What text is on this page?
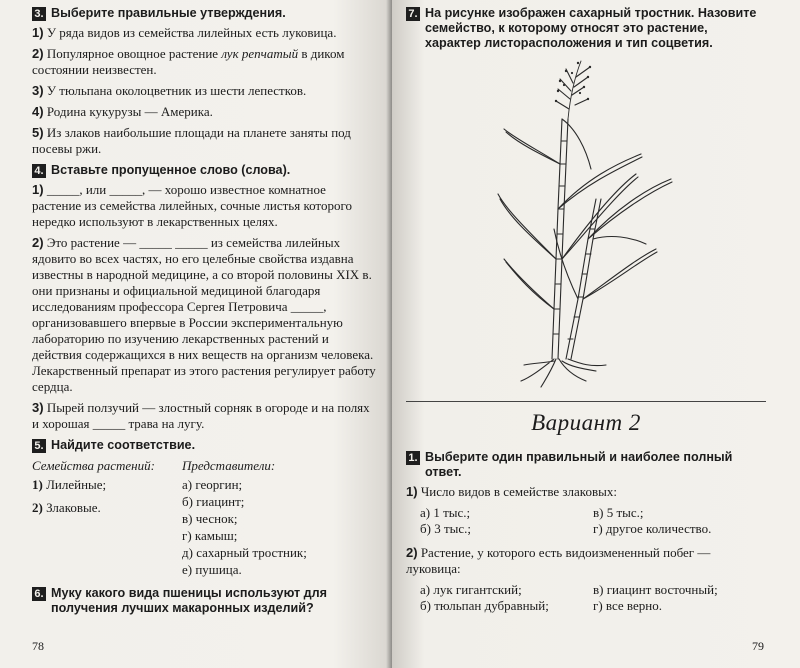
3. Выберите правильные утверждения.
1) У ряда видов из семейства лилейных есть луковица.
2) Популярное овощное растение лук репчатый в диком состоянии неизвестен.
3) У тюльпана околоцветник из шести лепестков.
4) Родина кукурузы — Америка.
5) Из злаков наибольшие площади на планете заняты под посевы ржи.
4. Вставьте пропущенное слово (слова).
1) _____, или _____, — хорошо известное комнатное растение из семейства лилейных, сочные листья которого нередко используют в лекарственных целях.
2) Это растение — _____ _____ из семейства лилейных ядовито во всех частях, но его целебные свойства издавна известны в народной медицине, а со второй половины XIX в. они признаны и официальной медициной благодаря исследованиям профессора Сергея Петровича _____, организовавшего впервые в России экспериментальную лабораторию по изучению лекарственных растений и действия содержащихся в них веществ на организм человека. Лекарственный препарат из этого растения регулирует работу сердца.
3) Пырей ползучий — злостный сорняк в огороде и на полях и хорошая _____ трава на лугу.
5. Найдите соответствие.
Семейства растений:
1) Лилейные;
2) Злаковые.
Представители:
а) георгин;
б) гиацинт;
в) чеснок;
г) камыш;
д) сахарный тростник;
е) пушица.
6. Муку какого вида пшеницы используют для получения лучших макаронных изделий?
78
7. На рисунке изображен сахарный тростник. Назовите семейство, к которому относят это растение, характер листорасположения и тип соцветия.
Вариант 2
1. Выберите один правильный и наиболее полный ответ.
1) Число видов в семействе злаковых:
а) 1 тыс.;	в) 5 тыс.;
б) 3 тыс.;	г) другое количество.
2) Растение, у которого есть видоизмененный побег — луковица:
а) лук гигантский;	в) гиацинт восточный;
б) тюльпан дубравный;	г) все верно.
79
